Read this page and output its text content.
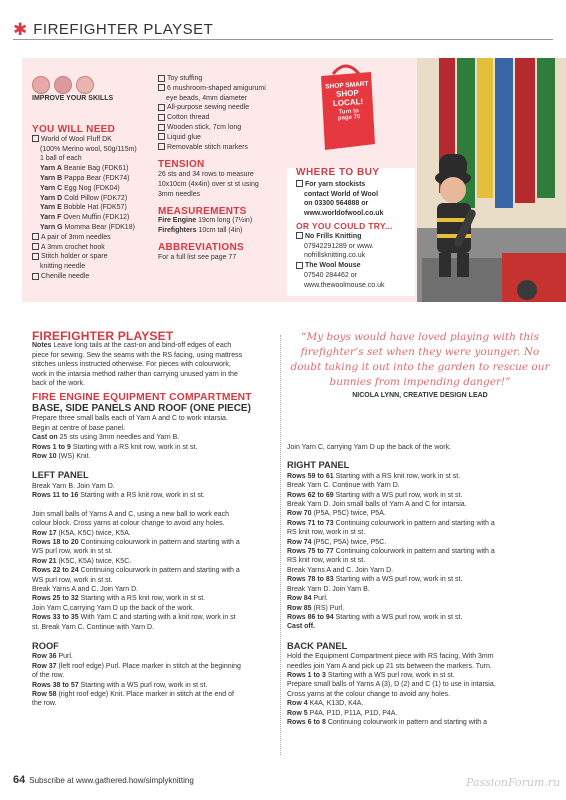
✱ FIREFIGHTER PLAYSET
IMPROVE YOUR SKILLS
YOU WILL NEED
World of Wool Fluff DK
(100% Merino wool, 50g/115m)
1 ball of each
Yarn A Beanie Bag (FDK61)
Yarn B Pappa Bear (FDK74)
Yarn C Egg Nog (FDK04)
Yarn D Cold Pillow (FDK72)
Yarn E Bobble Hat (FDK57)
Yarn F Oven Muffin (FDK12)
Yarn G Momma Bear (FDK18)
A pair of 3mm needles
A 3mm crochet hook
Stitch holder or spare
knitting needle
Chenille needle
Toy stuffing
6 mushroom-shaped amigurumi
eye beads, 4mm diameter
All-purpose sewing needle
Cotton thread
Wooden stick, 7cm long
Liquid glue
Removable stitch markers
TENSION
26 sts and 34 rows to measure
10x10cm (4x4in) over st st using
3mm needles
MEASUREMENTS
Fire Engine 19cm long (7½in)
Firefighters 10cm tall (4in)
ABBREVIATIONS
For a full list see page 77
SHOP SMART
SHOP
LOCAL!
Turn to
page 70
WHERE TO BUY
For yarn stockists
contact World of Wool
on 03300 564888 or
www.worldofwool.co.uk
OR YOU COULD TRY...
No Frills Knitting
07942291289 or www.
nofrillsknitting.co.uk
The Wool Mouse
07540 284462 or
www.thewoolmouse.co.uk
FIREFIGHTER PLAYSET
Notes Leave long tails at the cast-on and bind-off edges of each
piece for sewing. Sew the seams with the RS facing, using mattress
stitches unless instructed otherwise. For pieces with colourwork,
work in the intarsia method rather than carrying unused yarn in the
back of the work.
FIRE ENGINE EQUIPMENT COMPARTMENT
BASE, SIDE PANELS AND ROOF (ONE PIECE)
Prepare three small balls each of Yarn A and C to work intarsia.
Begin at centre of base panel.
Cast on 25 sts using 3mm needles and Yarn B.
Rows 1 to 9 Starting with a RS knit row, work in st st.
Row 10 (WS) Knit.
LEFT PANEL
Break Yarn B. Join Yarn D.
Rows 11 to 16 Starting with a RS knit row, work in st st.
Join small balls of Yarns A and C, using a new ball to work each
colour block. Cross yarns at colour change to avoid any holes.
Row 17 (K5A, K5C) twice, K5A.
Rows 18 to 20 Continuing colourwork in pattern and starting with a
WS purl row, work in st st.
Row 21 (K5C, K5A) twice, K5C.
Rows 22 to 24 Continuing colourwork in pattern and starting with a
WS purl row, work in st st.
Break Yarns A and C. Join Yarn D.
Rows 25 to 32 Starting with a RS knit row, work in st st.
Join Yarn C,carrying Yarn D up the back of the work.
Rows 33 to 35 With Yarn C and starting with a knit row, work in st
st. Break Yarn C. Continue with Yarn D.
ROOF
Row 36 Purl.
Row 37 (left roof edge) Purl. Place marker in stitch at the beginning
of the row.
Rows 38 to 57 Starting with a WS purl row, work in st st.
Row 58 (right roof edge) Knit. Place marker in stitch at the end of
the row.
“My boys would have loved playing with this firefighter’s set when they were younger. No doubt taking it out into the garden to rescue our bunnies from impending danger!”
NICOLA LYNN, CREATIVE DESIGN LEAD
Join Yarn C, carrying Yarn D up the back of the work.
RIGHT PANEL
Rows 59 to 61 Starting with a RS knit row, work in st st.
Break Yarn C. Continue with Yarn D.
Rows 62 to 69 Starting with a WS purl row, work in st st.
Break Yarn D. Join small balls of Yarn A and C for intarsia.
Row 70 (P5A, P5C) twice, P5A.
Rows 71 to 73 Continuing colourwork in pattern and starting with a
RS knit row, work in st st.
Row 74 (P5C, P5A) twice, P5C.
Rows 75 to 77 Continuing colourwork in pattern and starting with a
RS knit row, work in st st.
Break Yarns A and C. Join Yarn D.
Rows 78 to 83 Starting with a WS purl row, work in st st.
Break Yarn D. Join Yarn B.
Row 84 Purl.
Row 85 (RS) Purl.
Rows 86 to 94 Starting with a WS purl row, work in st st.
Cast off.
BACK PANEL
Hold the Equipment Compartment piece with RS facing. With 3mm
needles join Yarn A and pick up 21 sts between the markers. Turn.
Rows 1 to 3 Starting with a WS purl row, work in st st.
Prepare small balls of Yarns A (3), D (2) and C (1) to use in intarsia.
Cross yarns at the colour change to avoid any holes.
Row 4 K4A, K13D, K4A.
Row 5 P4A, P1D, P11A, P1D, P4A.
Rows 6 to 8 Continuing colourwork in pattern and starting with a
64 Subscribe at www.gathered.how/simplyknitting	PassionForum.ru
